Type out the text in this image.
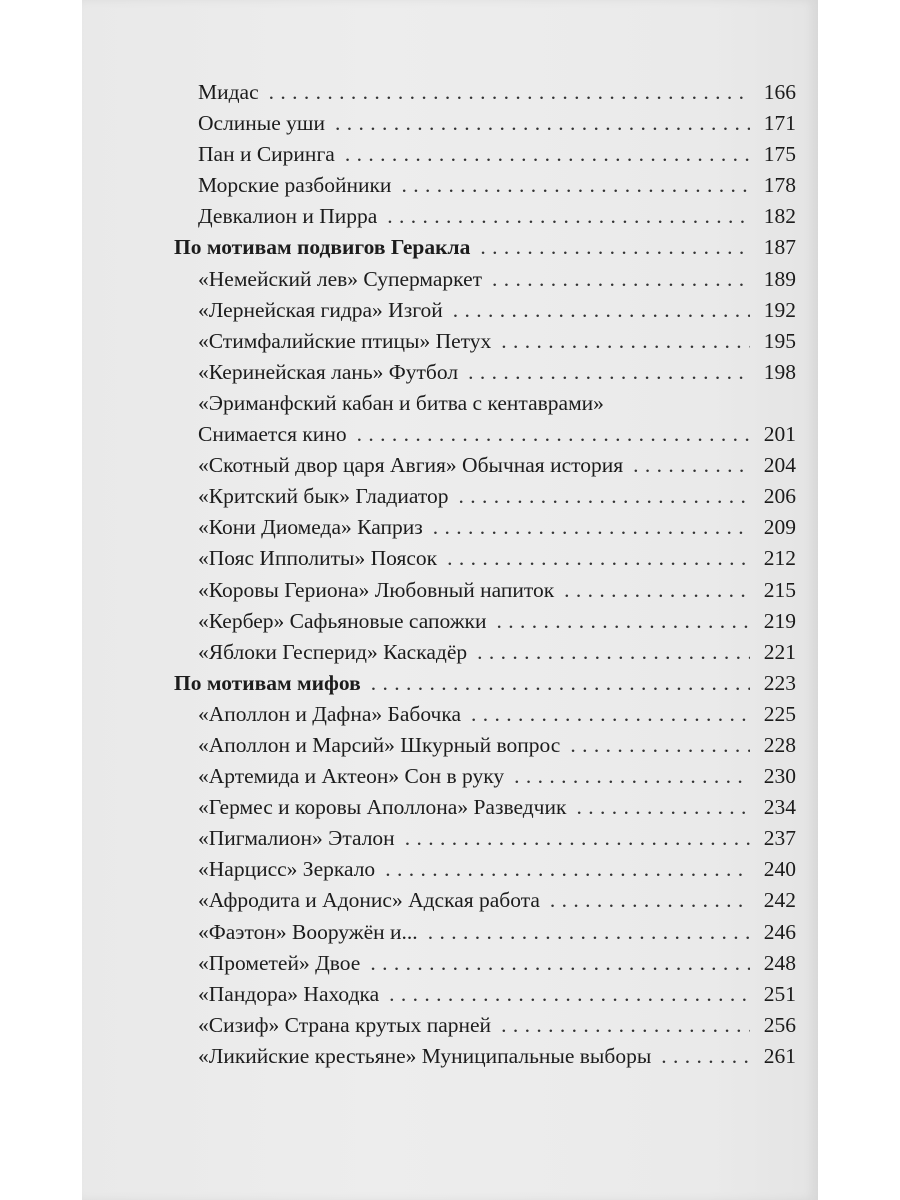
Мидас . . .	166
Ослиные уши . . .	171
Пан и Сиринга . . .	175
Морские разбойники . . .	178
Девкалион и Пирра . . .	182
По мотивам подвигов Геракла . . .	187
«Немейский лев» Супермаркет . . .	189
«Лернейская гидра» Изгой . . .	192
«Стимфалийские птицы» Петух . . .	195
«Керинейская лань» Футбол . . .	198
«Эриманфский кабан и битва с кентаврами»
Снимается кино . . .	201
«Скотный двор царя Авгия» Обычная история . . .	204
«Критский бык» Гладиатор . . .	206
«Кони Диомеда» Каприз . . .	209
«Пояс Ипполиты» Поясок . . .	212
«Коровы Гериона» Любовный напиток . . .	215
«Кербер» Сафьяновые сапожки . . .	219
«Яблоки Гесперид» Каскадёр . . .	221
По мотивам мифов . . .	223
«Аполлон и Дафна» Бабочка . . .	225
«Аполлон и Марсий» Шкурный вопрос . . .	228
«Артемида и Актеон» Сон в руку . . .	230
«Гермес и коровы Аполлона» Разведчик . . .	234
«Пигмалион» Эталон . . .	237
«Нарцисс» Зеркало . . .	240
«Афродита и Адонис» Адская работа . . .	242
«Фаэтон» Вооружён и... . . .	246
«Прометей» Двое . . .	248
«Пандора» Находка . . .	251
«Сизиф» Страна крутых парней . . .	256
«Ликийские крестьяне» Муниципальные выборы . . .	261
